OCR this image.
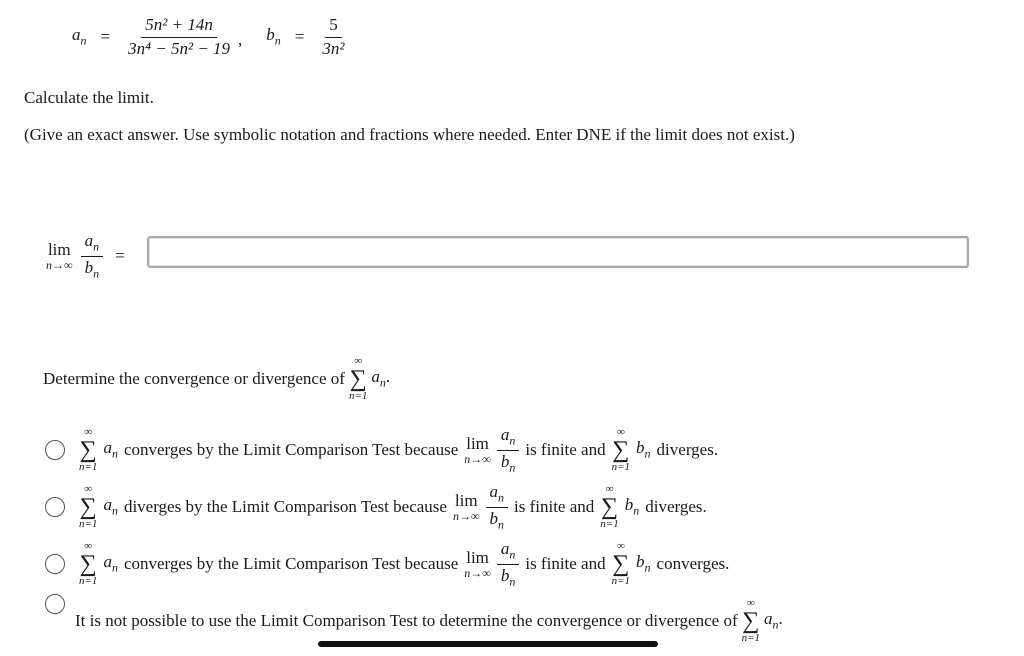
$a_n = \frac{\text{5n² + 14n}}{\text{3n⁴ − 5n² − 19}}$ , $b_n = \frac{5}{\text{3n²}}$
Calculate the limit.
(Give an exact answer. Use symbolic notation and fractions where needed. Enter DNE if the limit does not exist.)
lim
$n\to\infty \frac{a_n}{b_n}$ =
Determine the convergence or divergence of
∞
∑
n=1
$a_n$.
∞
∑
n=1
$a_n$ converges by the Limit Comparison Test because lim
$n\to\infty \frac{a_n}{b_n}$ is finite and
∞
∑
n=1
$b_n$ diverges.
∞
∑
n=1
$a_n$ diverges by the Limit Comparison Test because lim
$n\to\infty \frac{a_n}{b_n}$ is finite and
∞
∑
n=1
$b_n$ diverges.
∞
∑
n=1
$a_n$ converges by the Limit Comparison Test because lim
$n\to\infty \frac{a_n}{b_n}$ is finite and
∞
∑
n=1
$b_n$ converges.
It is not possible to use the Limit Comparison Test to determine the convergence or divergence of
∞
∑
n=1
$a_n$.
